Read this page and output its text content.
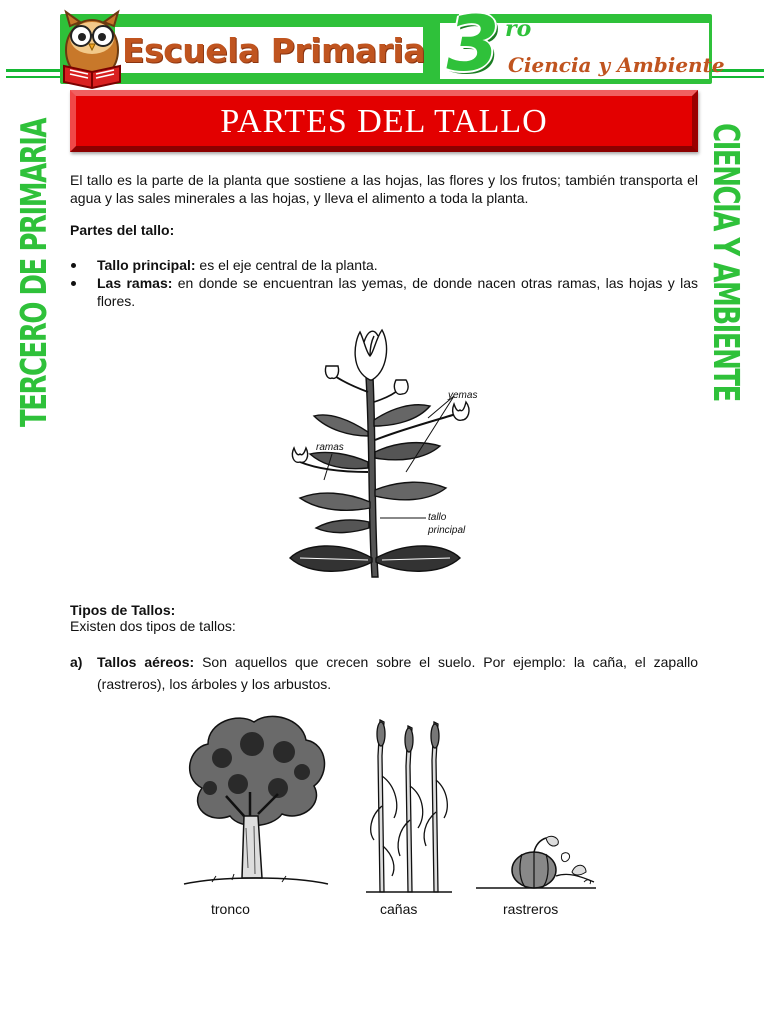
Escuela Primaria 3 ro
Ciencia y Ambiente
TERCERO DE PRIMARIA	CIENCIA Y AMBIENTE
PARTES DEL TALLO
El tallo es la parte de la planta que sostiene a las hojas, las flores y los frutos; también transporta el agua y las sales minerales a las hojas, y lleva el alimento a toda la planta.
Partes del tallo:
Tallo principal: es el eje central de la planta.
Las ramas: en donde se encuentran las yemas, de donde nacen otras ramas, las hojas y las flores.
yemas
ramas
tallo
principal
Tipos de Tallos:
Existen dos tipos de tallos:
a) Tallos aéreos: Son aquellos que crecen sobre el suelo. Por ejemplo: la caña, el zapallo (rastreros), los árboles y los arbustos.
tronco	cañas	rastreros
